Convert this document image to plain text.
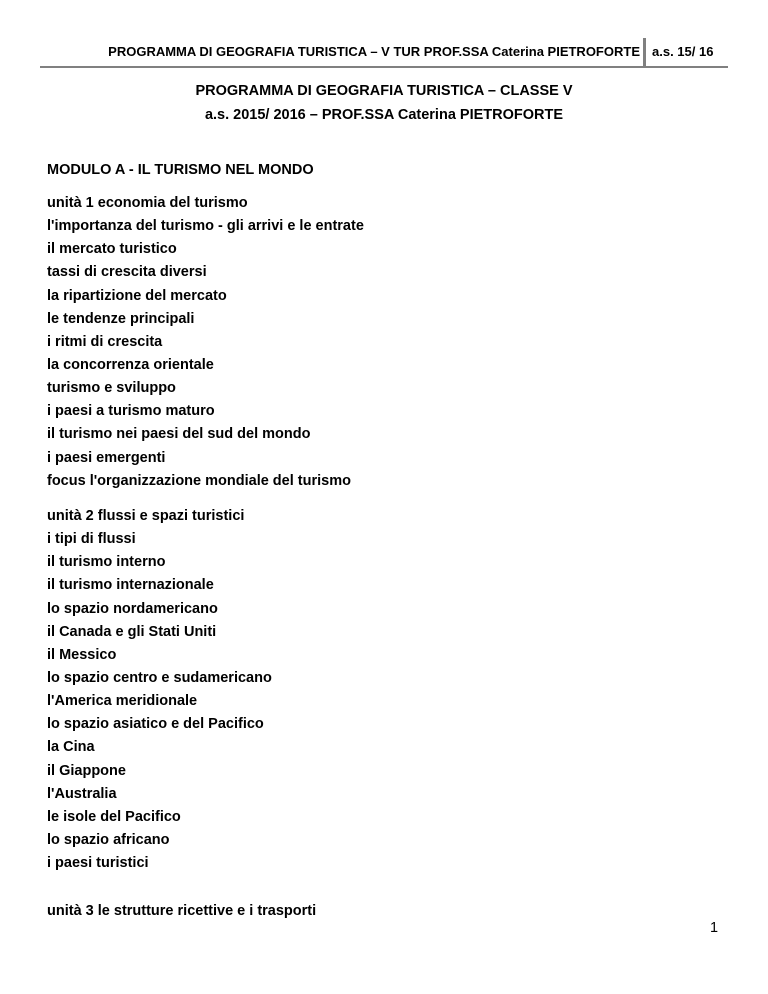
PROGRAMMA DI GEOGRAFIA TURISTICA – V TUR PROF.SSA Caterina PIETROFORTE a.s. 15/ 16
PROGRAMMA DI GEOGRAFIA TURISTICA – CLASSE V
a.s. 2015/ 2016 – PROF.SSA Caterina PIETROFORTE
MODULO A - IL TURISMO NEL MONDO
unità 1 economia del turismo
l'importanza del turismo - gli arrivi e le entrate
il mercato turistico
tassi di crescita diversi
la ripartizione del mercato
le tendenze principali
i ritmi di crescita
la concorrenza orientale
turismo e sviluppo
i paesi a turismo maturo
il turismo nei paesi del sud del mondo
i paesi emergenti
focus l'organizzazione mondiale del turismo
unità 2 flussi e spazi turistici
i tipi di flussi
il turismo interno
il turismo internazionale
lo spazio nordamericano
il Canada e gli Stati Uniti
il Messico
lo spazio centro e sudamericano
l'America meridionale
lo spazio asiatico e del Pacifico
la Cina
il Giappone
l'Australia
le isole del Pacifico
lo spazio africano
i paesi turistici
unità 3 le strutture ricettive e i trasporti
1
